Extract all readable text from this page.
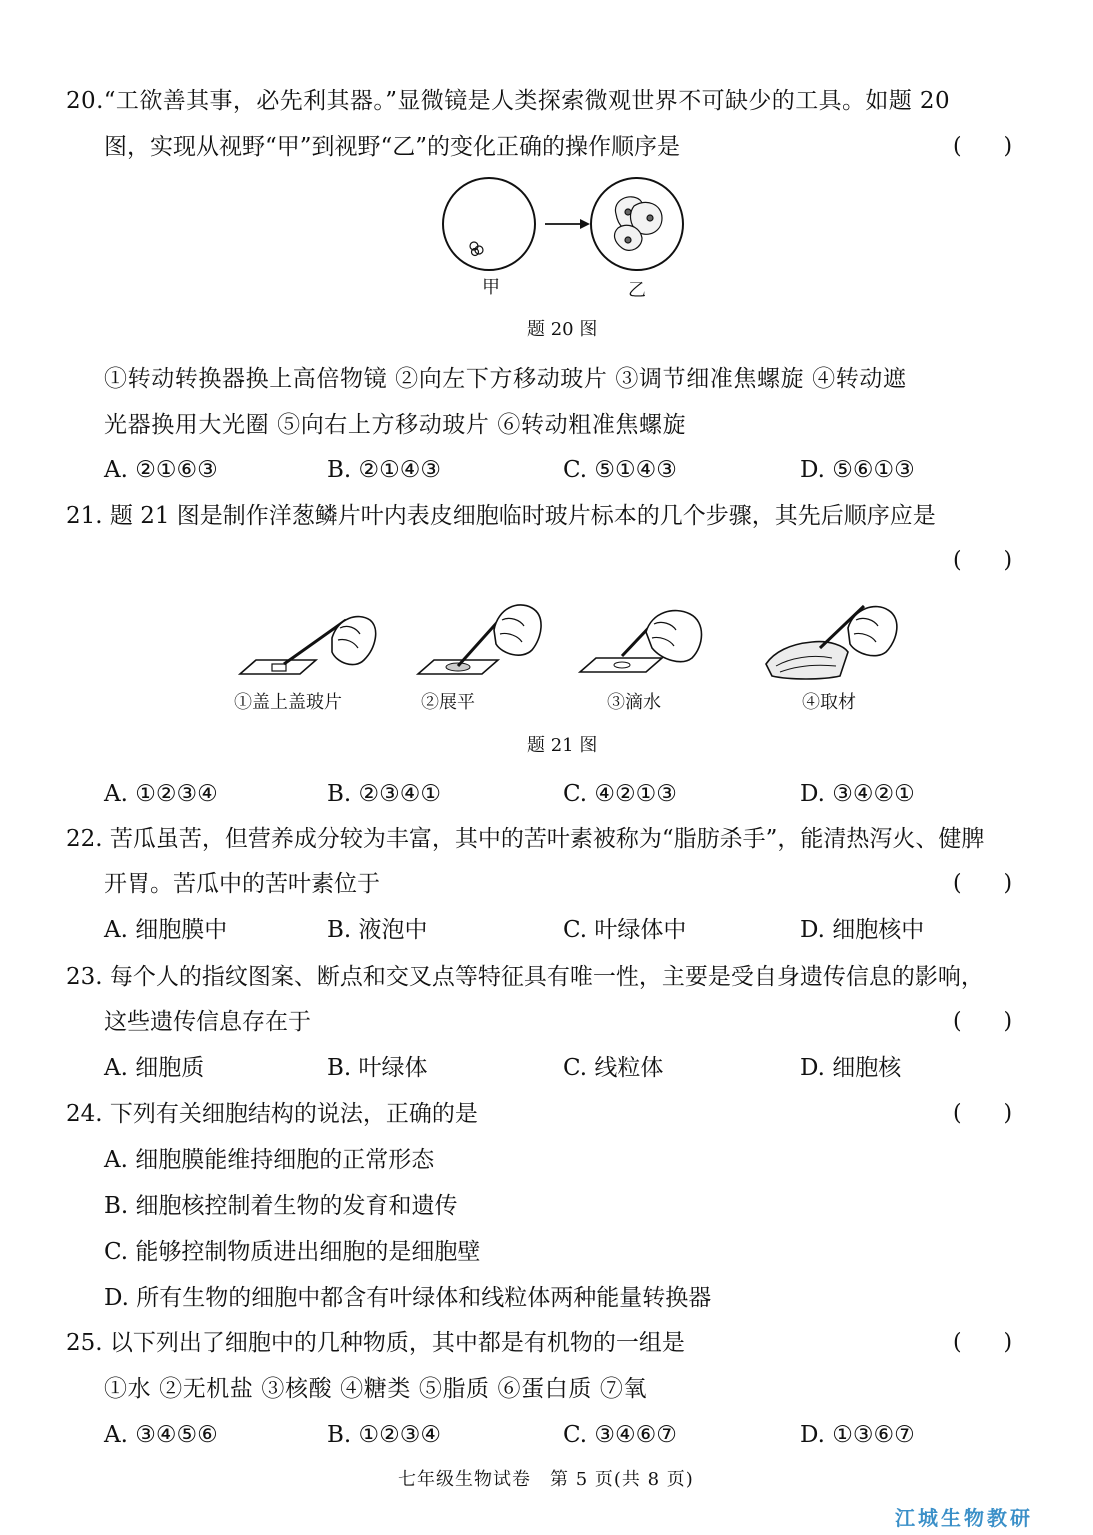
20.“工欲善其事，必先利其器。”显微镜是人类探索微观世界不可缺少的工具。如题 20
图，实现从视野“甲”到视野“乙”的变化正确的操作顺序是	(      )
甲	乙
题 20 图
①转动转换器换上高倍物镜 ②向左下方移动玻片 ③调节细准焦螺旋 ④转动遮
光器换用大光圈 ⑤向右上方移动玻片 ⑥转动粗准焦螺旋
A. ②①⑥③	B. ②①④③	C. ⑤①④③	D. ⑤⑥①③
21. 题 21 图是制作洋葱鳞片叶内表皮细胞临时玻片标本的几个步骤，其先后顺序应是
(      )
①盖上盖玻片	②展平	③滴水	④取材
题 21 图
A. ①②③④	B. ②③④①	C. ④②①③	D. ③④②①
22. 苦瓜虽苦，但营养成分较为丰富，其中的苦叶素被称为“脂肪杀手”，能清热泻火、健脾
开胃。苦瓜中的苦叶素位于	(      )
A. 细胞膜中	B. 液泡中	C. 叶绿体中	D. 细胞核中
23. 每个人的指纹图案、断点和交叉点等特征具有唯一性，主要是受自身遗传信息的影响，
这些遗传信息存在于	(      )
A. 细胞质	B. 叶绿体	C. 线粒体	D. 细胞核
24. 下列有关细胞结构的说法，正确的是	(      )
A. 细胞膜能维持细胞的正常形态
B. 细胞核控制着生物的发育和遗传
C. 能够控制物质进出细胞的是细胞壁
D. 所有生物的细胞中都含有叶绿体和线粒体两种能量转换器
25. 以下列出了细胞中的几种物质，其中都是有机物的一组是	(      )
①水 ②无机盐 ③核酸 ④糖类 ⑤脂质 ⑥蛋白质 ⑦氧
A. ③④⑤⑥	B. ①②③④	C. ③④⑥⑦	D. ①③⑥⑦
七年级生物试卷　第 5 页(共 8 页)
江城生物教研
